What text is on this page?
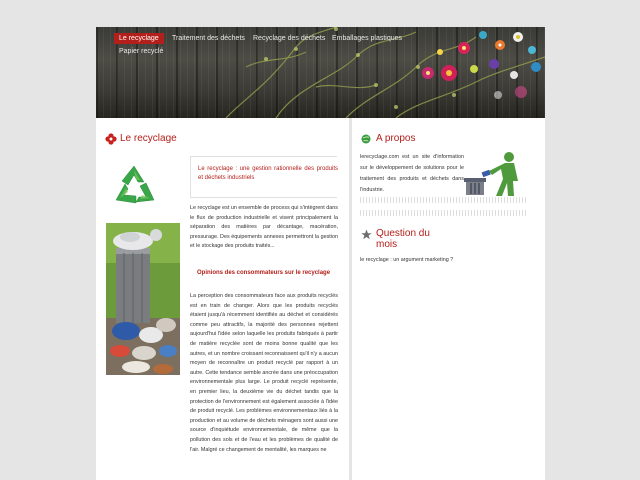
Le recyclage	Traitement des déchets	Recyclage des déchets Emballages plastiques
Papier recyclé
Le recyclage
Le recyclage : une gestion rationnelle des produits et déchets industriels
Le recyclage est un ensemble de process qui s'intègrent dans le flux de production industrielle et visent principalement la séparation des matières par décantage, macération, pressurage. Des équipements annexes permettront la gestion et le stockage des produits traités...
Opinions des consommateurs sur le recyclage
La perception des consommateurs face aux produits recyclés est en train de changer. Alors que les produits recyclés étaient jusqu'à récemment identifiés au déchet et considérés comme peu attractifs, la majorité des personnes rejettent aujourd'hui l'idée selon laquelle les produits fabriqués à partir de matière recyclée sont de moins bonne qualité que les autres, et un nombre croissant reconnaissent qu'il n'y a aucun moyen de reconnaître un produit recyclé par rapport à un autre. Cette tendance semble ancrée dans une préoccupation environnementale plus large. Le produit recyclé représente, en premier lieu, la deuxième vie du déchet tandis que la protection de l'environnement est également associée à l'idée de produit recyclé. Les problèmes environnementaux liés à la production et au volume de déchets ménagers sont aussi une source d'inquiétude environnementale, de même que la pollution des sols et de l'eau et les problèmes de qualité de l'air. Malgré ce changement de mentalité, les marques ne
A propos
lerecyclage.com est un site d'information sur le développement de solutions pour le traitement des produits et déchets dans l'industrie.
Question du mois
le recyclage : un argument marketing ?
